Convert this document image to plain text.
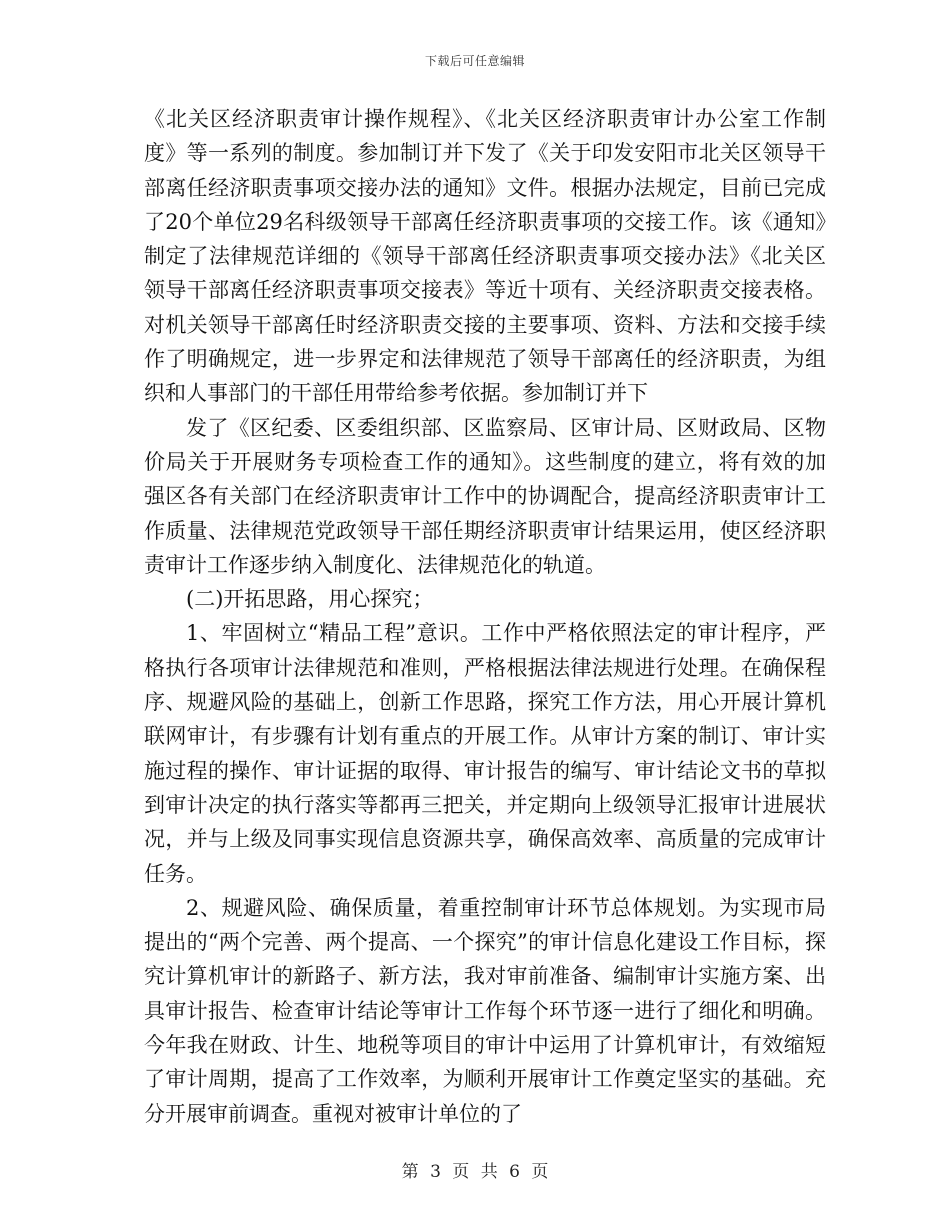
下载后可任意编辑

《北关区经济职责审计操作规程》、《北关区经济职责审计办公室工作制度》等一系列的制度。参加制订并下发了《关于印发安阳市北关区领导干部离任经济职责事项交接办法的通知》文件。根据办法规定，目前已完成了20个单位29名科级领导干部离任经济职责事项的交接工作。该《通知》制定了法律规范详细的《领导干部离任经济职责事项交接办法》《北关区领导干部离任经济职责事项交接表》等近十项有、关经济职责交接表格。对机关领导干部离任时经济职责交接的主要事项、资料、方法和交接手续作了明确规定，进一步界定和法律规范了领导干部离任的经济职责，为组织和人事部门的干部任用带给参考依据。参加制订并下

发了《区纪委、区委组织部、区监察局、区审计局、区财政局、区物价局关于开展财务专项检查工作的通知》。这些制度的建立，将有效的加强区各有关部门在经济职责审计工作中的协调配合，提高经济职责审计工作质量、法律规范党政领导干部任期经济职责审计结果运用，使区经济职责审计工作逐步纳入制度化、法律规范化的轨道。

(二)开拓思路，用心探究；

1、牢固树立“精品工程”意识。工作中严格依照法定的审计程序，严格执行各项审计法律规范和准则，严格根据法律法规进行处理。在确保程序、规避风险的基础上，创新工作思路，探究工作方法，用心开展计算机联网审计，有步骤有计划有重点的开展工作。从审计方案的制订、审计实施过程的操作、审计证据的取得、审计报告的编写、审计结论文书的草拟到审计决定的执行落实等都再三把关，并定期向上级领导汇报审计进展状况，并与上级及同事实现信息资源共享，确保高效率、高质量的完成审计任务。

2、规避风险、确保质量，着重控制审计环节总体规划。为实现市局提出的“两个完善、两个提高、一个探究”的审计信息化建设工作目标，探究计算机审计的新路子、新方法，我对审前准备、编制审计实施方案、出具审计报告、检查审计结论等审计工作每个环节逐一进行了细化和明确。今年我在财政、计生、地税等项目的审计中运用了计算机审计，有效缩短了审计周期，提高了工作效率，为顺利开展审计工作奠定坚实的基础。充分开展审前调查。重视对被审计单位的了

第 3 页 共 6 页
